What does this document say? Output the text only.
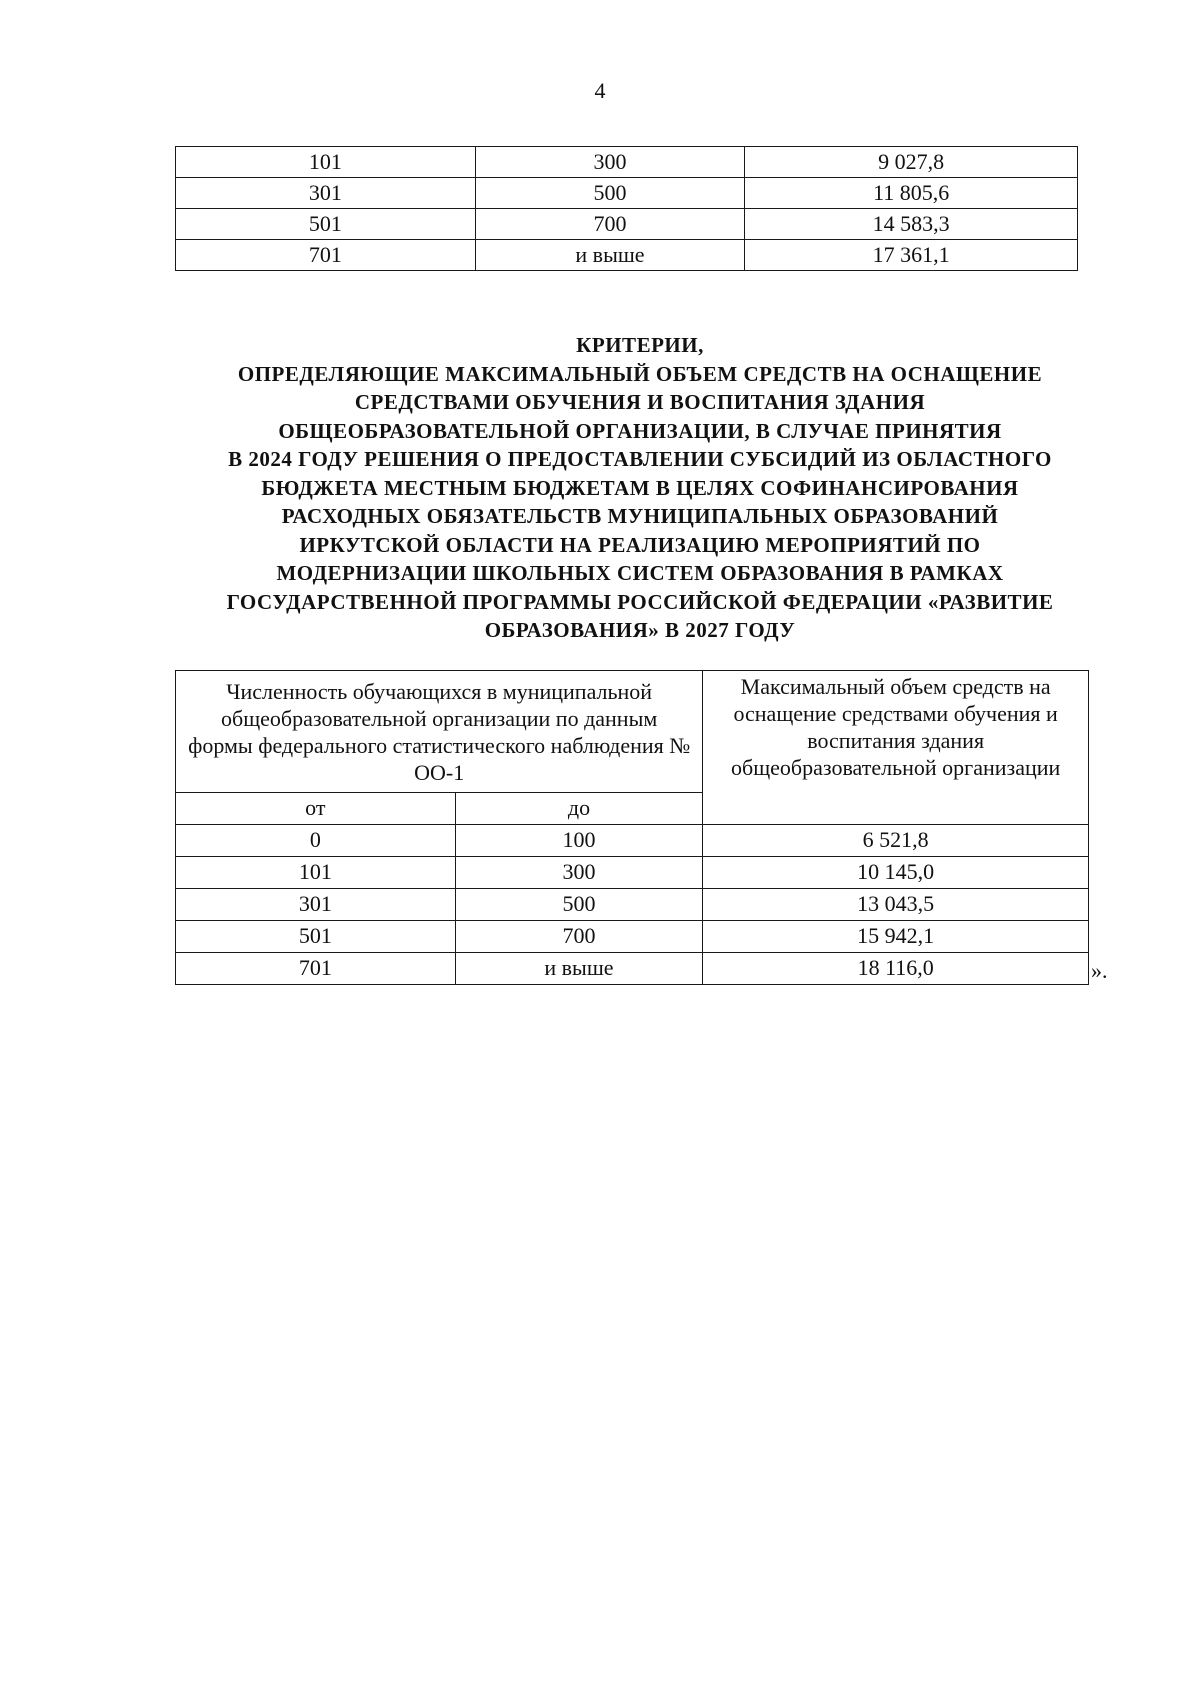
4
101	300	9 027,8
301	500	11 805,6
501	700	14 583,3
701	и выше	17 361,1
КРИТЕРИИ,
ОПРЕДЕЛЯЮЩИЕ МАКСИМАЛЬНЫЙ ОБЪЕМ СРЕДСТВ НА ОСНАЩЕНИЕ
СРЕДСТВАМИ ОБУЧЕНИЯ И ВОСПИТАНИЯ ЗДАНИЯ
ОБЩЕОБРАЗОВАТЕЛЬНОЙ ОРГАНИЗАЦИИ, В СЛУЧАЕ ПРИНЯТИЯ
В 2024 ГОДУ РЕШЕНИЯ О ПРЕДОСТАВЛЕНИИ СУБСИДИЙ ИЗ ОБЛАСТНОГО
БЮДЖЕТА МЕСТНЫМ БЮДЖЕТАМ В ЦЕЛЯХ СОФИНАНСИРОВАНИЯ
РАСХОДНЫХ ОБЯЗАТЕЛЬСТВ МУНИЦИПАЛЬНЫХ ОБРАЗОВАНИЙ
ИРКУТСКОЙ ОБЛАСТИ НА РЕАЛИЗАЦИЮ МЕРОПРИЯТИЙ ПО
МОДЕРНИЗАЦИИ ШКОЛЬНЫХ СИСТЕМ ОБРАЗОВАНИЯ В РАМКАХ
ГОСУДАРСТВЕННОЙ ПРОГРАММЫ РОССИЙСКОЙ ФЕДЕРАЦИИ «РАЗВИТИЕ
ОБРАЗОВАНИЯ» В 2027 ГОДУ
Численность обучающихся в муниципальной общеобразовательной организации по данным формы федерального статистического наблюдения № ОО-1		Максимальный объем средств на оснащение средствами обучения и воспитания здания общеобразовательной организации
от	до	
0	100	6 521,8
101	300	10 145,0
301	500	13 043,5
501	700	15 942,1
701	и выше	18 116,0	».
